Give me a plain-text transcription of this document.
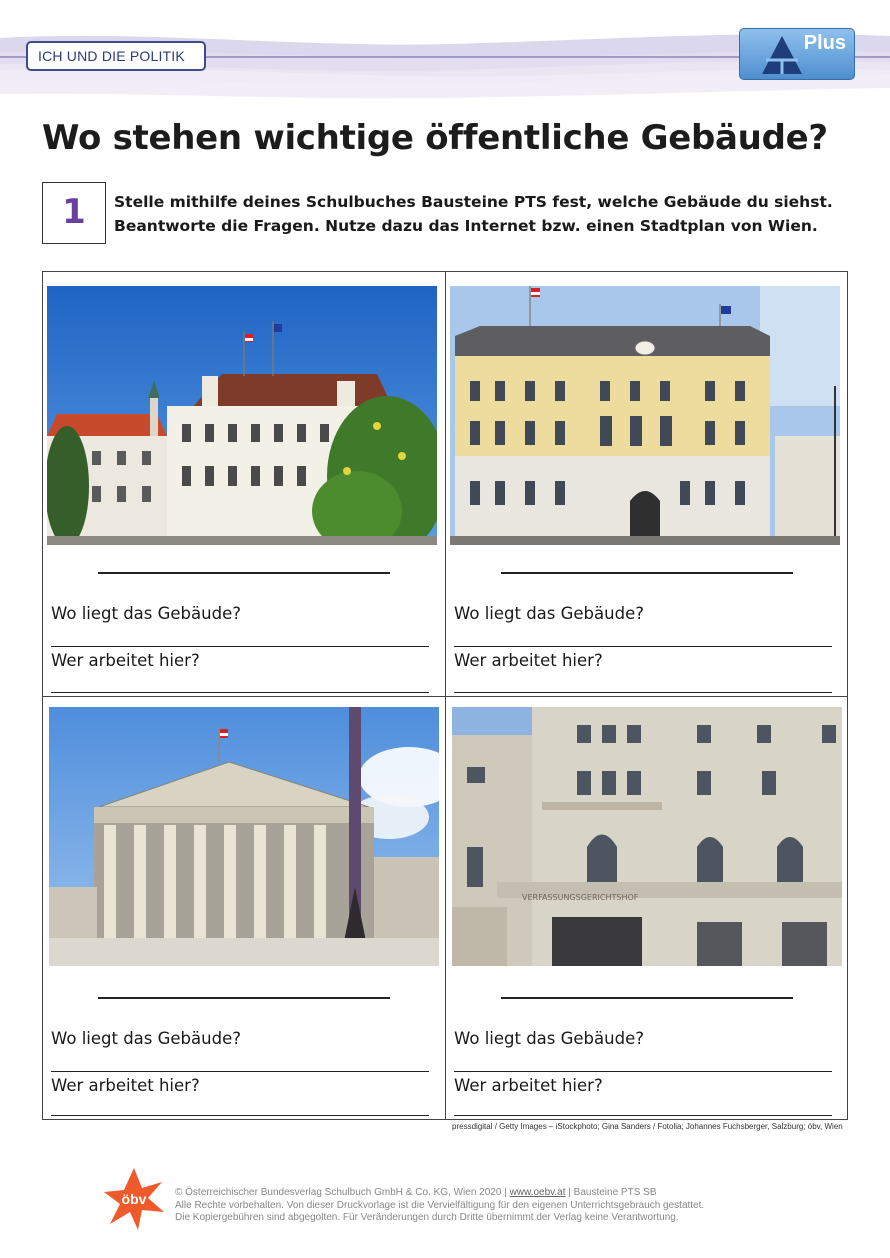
ICH UND DIE POLITIK
Plus
Wo stehen wichtige öffentliche Gebäude?
1	Stelle mithilfe deines Schulbuches Bausteine PTS fest, welche Gebäude du siehst.
Beantworte die Fragen. Nutze dazu das Internet bzw. einen Stadtplan von Wien.
Wo liegt das Gebäude?
Wer arbeitet hier?
Wo liegt das Gebäude?
Wer arbeitet hier?
Wo liegt das Gebäude?
Wer arbeitet hier?
VERFASSUNGSGERICHTSHOF
Wo liegt das Gebäude?
Wer arbeitet hier?
pressdigital / Getty Images – iStockphoto; Gina Sanders / Fotolia; Johannes Fuchsberger, Salzburg; öbv, Wien
öbv	© Österreichischer Bundesverlag Schulbuch GmbH & Co. KG, Wien 2020 | www.oebv.at | Bausteine PTS SB
Alle Rechte vorbehalten. Von dieser Druckvorlage ist die Vervielfältigung für den eigenen Unterrichtsgebrauch gestattet.
Die Kopiergebühren sind abgegolten. Für Veränderungen durch Dritte übernimmt der Verlag keine Verantwortung.
